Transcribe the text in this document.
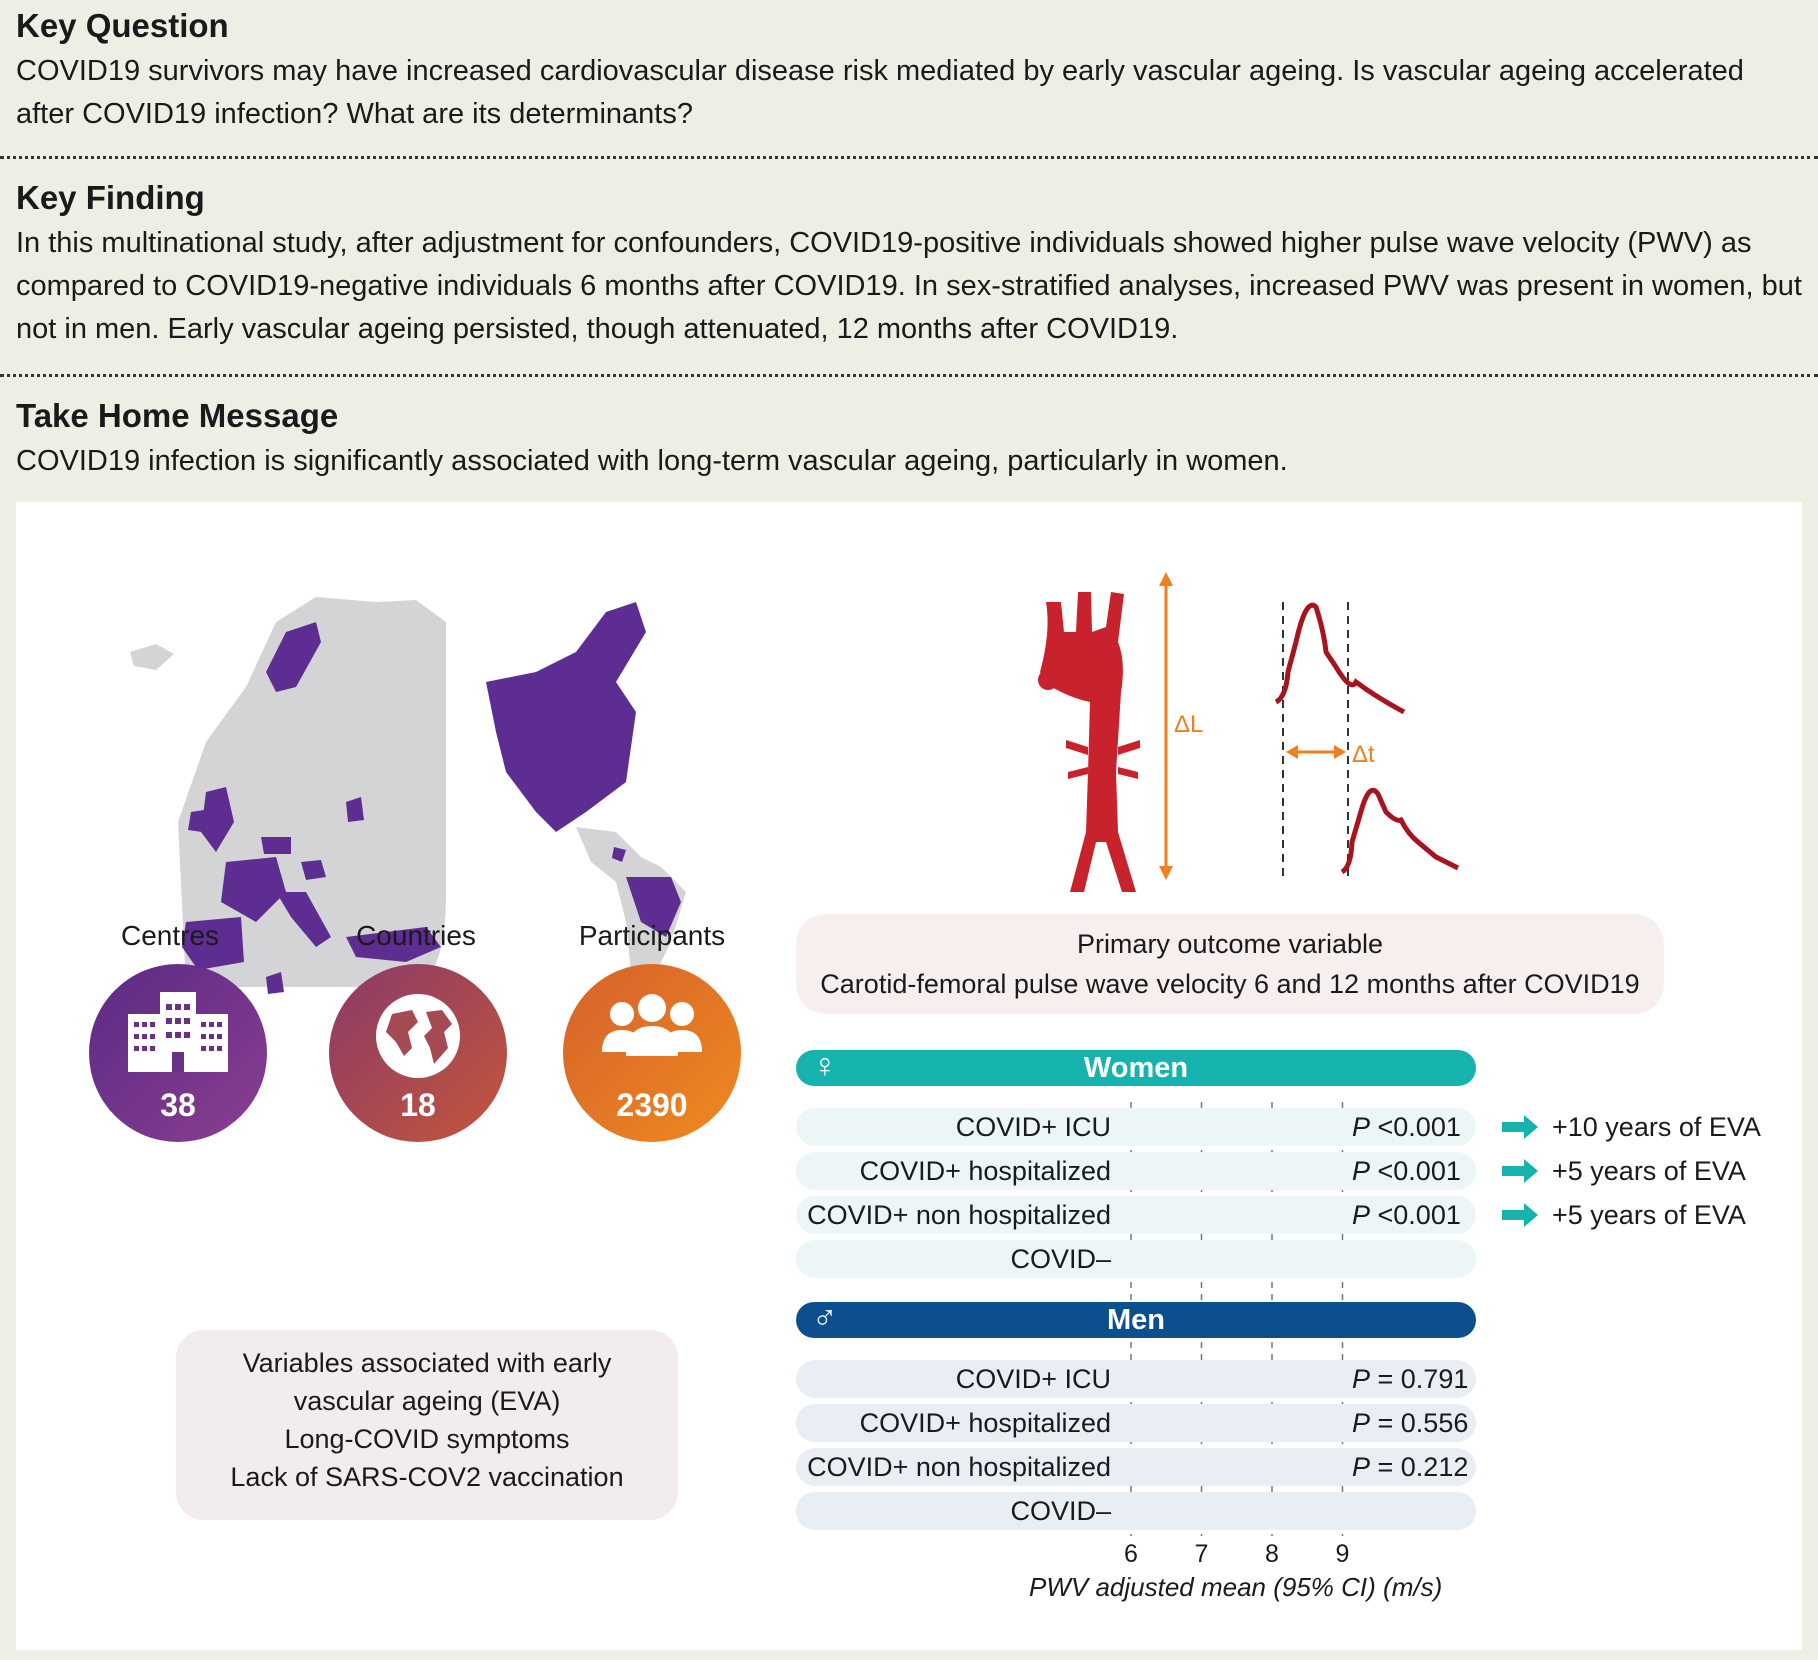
Key Question

COVID19 survivors may have increased cardiovascular disease risk mediated by early vascular ageing. Is vascular ageing accelerated after COVID19 infection? What are its determinants?

Key Finding

In this multinational study, after adjustment for confounders, COVID19-positive individuals showed higher pulse wave velocity (PWV) as compared to COVID19-negative individuals 6 months after COVID19. In sex-stratified analyses, increased PWV was present in women, but not in men. Early vascular ageing persisted, though attenuated, 12 months after COVID19.

Take Home Message

COVID19 infection is significantly associated with long-term vascular ageing, particularly in women.

Centres	Countries	Participants
38	18	2390
Variables associated with early
vascular ageing (EVA)
Long-COVID symptoms
Lack of SARS-COV2 vaccination
ΔL
Δt
Primary outcome variable
Carotid-femoral pulse wave velocity 6 and 12 months after COVID19
♀	Women
COVID+ ICU	P <0.001	+10 years of EVA
COVID+ hospitalized	P <0.001	+5 years of EVA
COVID+ non hospitalized	P <0.001	+5 years of EVA
COVID–
♂	Men
COVID+ ICU	P = 0.791
COVID+ hospitalized	P = 0.556
COVID+ non hospitalized	P = 0.212
COVID–
6	7	8	9
PWV adjusted mean (95% CI) (m/s)
